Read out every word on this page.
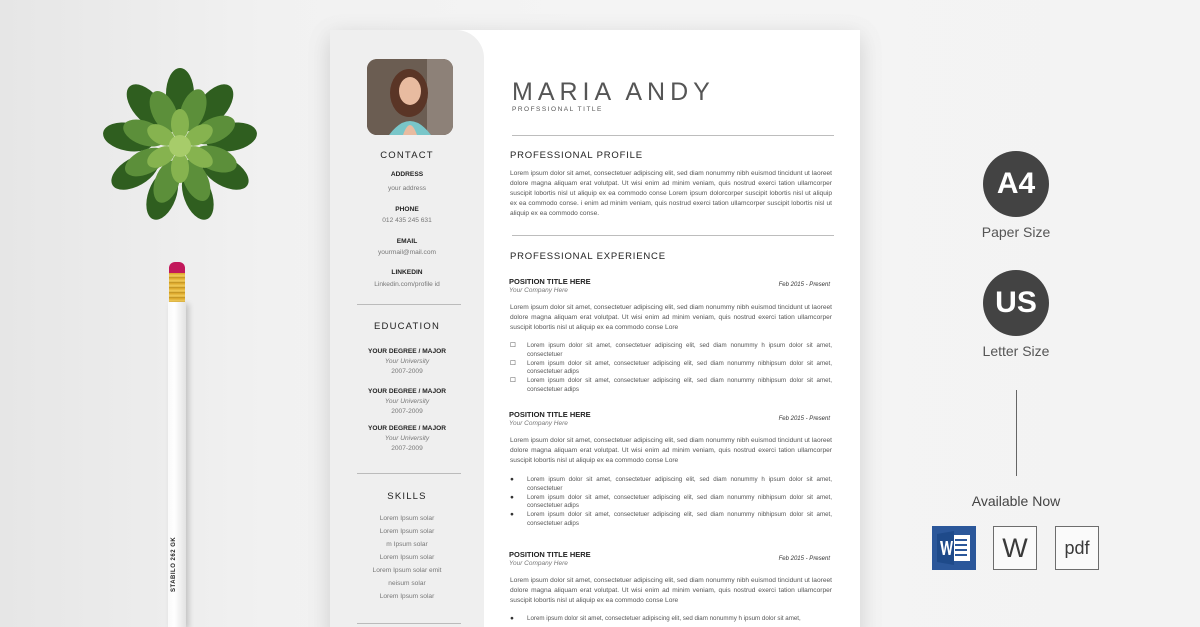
STABILO 262 GK
CONTACT
ADDRESS
your address
PHONE
012 435 245 631
EMAIL
yourmail@mail.com
LINKEDIN
Linkedin.com/profile id
EDUCATION
YOUR DEGREE / MAJOR
Your University
2007-2009
YOUR DEGREE / MAJOR
Your University
2007-2009
YOUR DEGREE / MAJOR
Your University
2007-2009
SKILLS
Lorem Ipsum solar
Lorem Ipsum solar
m Ipsum solar
Lorem Ipsum solar
Lorem Ipsum solar emit
neisum solar
Lorem Ipsum solar
MARIA ANDY
PROFSSIONAL TITLE
PROFESSIONAL PROFILE
Lorem ipsum dolor sit amet, consectetuer adipiscing elit, sed diam nonummy nibh euismod tincidunt ut laoreet dolore magna aliquam erat volutpat. Ut wisi enim ad minim veniam, quis nostrud exerci tation ullamcorper suscipit lobortis nisl ut aliquip ex ea commodo conse Lorem ipsum dolorcorper suscipit lobortis nisl ut aliquip ex ea commodo conse. i enim ad minim veniam, quis nostrud exerci tation ullamcorper suscipit lobortis nisl ut aliquip ex ea commodo conse.
PROFESSIONAL EXPERIENCE
POSITION TITLE HERE
Your Company Here
Feb 2015 - Present
Lorem ipsum dolor sit amet, consectetuer adipiscing elit, sed diam nonummy nibh euismod tincidunt ut laoreet dolore magna aliquam erat volutpat. Ut wisi enim ad minim veniam, quis nostrud exerci tation ullamcorper suscipit lobortis nisl ut aliquip ex ea commodo conse Lore
☐ Lorem ipsum dolor sit amet, consectetuer adipiscing elit, sed diam nonummy h ipsum dolor sit amet, consectetuer
☐ Lorem ipsum dolor sit amet, consectetuer adipiscing elit, sed diam nonummy nibhipsum dolor sit amet, consectetuer adips
☐ Lorem ipsum dolor sit amet, consectetuer adipiscing elit, sed diam nonummy nibhipsum dolor sit amet, consectetuer adips
POSITION TITLE HERE
Your Company Here
Feb 2015 - Present
Lorem ipsum dolor sit amet, consectetuer adipiscing elit, sed diam nonummy nibh euismod tincidunt ut laoreet dolore magna aliquam erat volutpat. Ut wisi enim ad minim veniam, quis nostrud exerci tation ullamcorper suscipit lobortis nisl ut aliquip ex ea commodo conse Lore
● Lorem ipsum dolor sit amet, consectetuer adipiscing elit, sed diam nonummy h ipsum dolor sit amet, consectetuer
● Lorem ipsum dolor sit amet, consectetuer adipiscing elit, sed diam nonummy nibhipsum dolor sit amet, consectetuer adips
● Lorem ipsum dolor sit amet, consectetuer adipiscing elit, sed diam nonummy nibhipsum dolor sit amet, consectetuer adips
POSITION TITLE HERE
Your Company Here
Feb 2015 - Present
Lorem ipsum dolor sit amet, consectetuer adipiscing elit, sed diam nonummy nibh euismod tincidunt ut laoreet dolore magna aliquam erat volutpat. Ut wisi enim ad minim veniam, quis nostrud exerci tation ullamcorper suscipit lobortis nisl ut aliquip ex ea commodo conse Lore
● Lorem ipsum dolor sit amet, consectetuer adipiscing elit, sed diam nonummy h ipsum dolor sit amet,
A4
Paper Size
US
Letter Size
Available Now
W	pdf
